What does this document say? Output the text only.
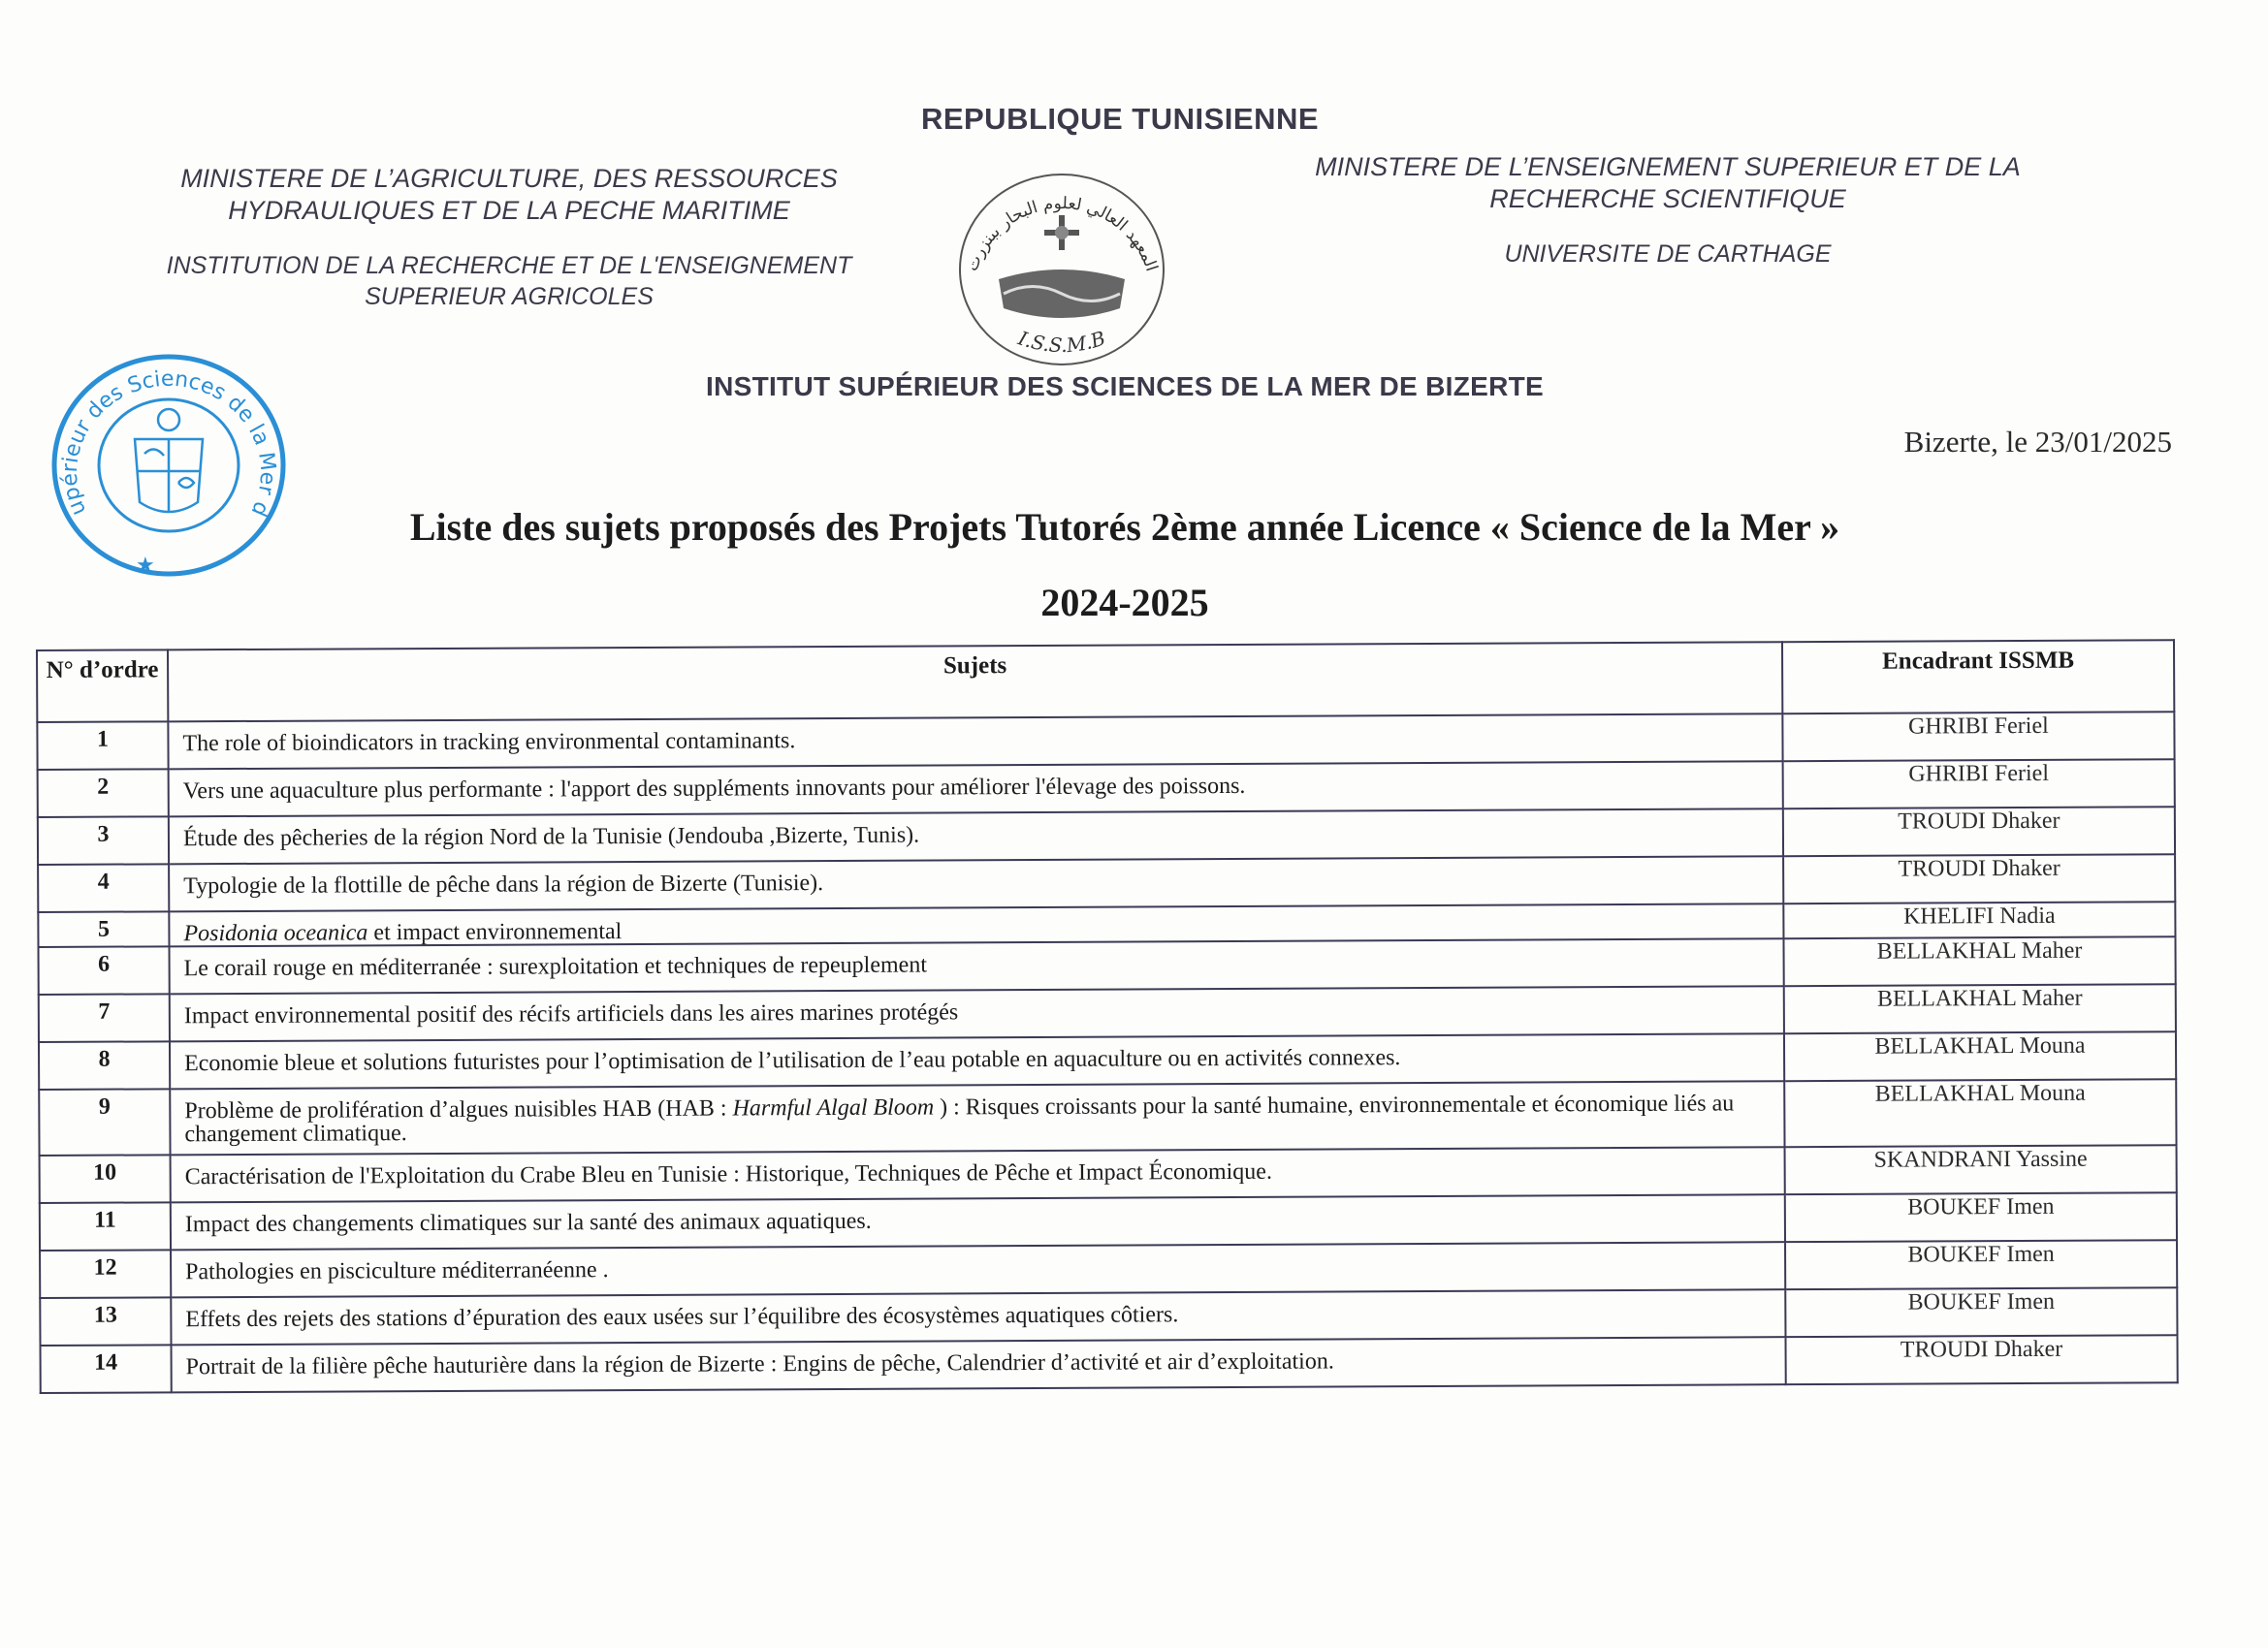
REPUBLIQUE TUNISIENNE
MINISTERE DE L’AGRICULTURE, DES RESSOURCES HYDRAULIQUES ET DE LA PECHE MARITIME
INSTITUTION DE LA RECHERCHE ET DE L'ENSEIGNEMENT SUPERIEUR AGRICOLES
MINISTERE DE L’ENSEIGNEMENT SUPERIEUR ET DE LA RECHERCHE SCIENTIFIQUE
UNIVERSITE DE CARTHAGE
INSTITUT SUPÉRIEUR DES SCIENCES DE LA MER DE BIZERTE
المعهد العالي لعلوم البحار ببنزرت
I.S.S.M.B
upérieur des Sciences de la Mer d
★
Bizerte, le 23/01/2025
Liste des sujets proposés des Projets Tutorés 2ème année Licence « Science de la Mer »
2024-2025
N° d’ordre	Sujets	Encadrant ISSMB
1	The role of bioindicators in tracking environmental contaminants.	GHRIBI Feriel
2	Vers une aquaculture plus performante : l'apport des suppléments innovants pour améliorer l'élevage des poissons.	GHRIBI Feriel
3	Étude des pêcheries de la région Nord de la Tunisie (Jendouba ,Bizerte, Tunis).	TROUDI Dhaker
4	Typologie de la flottille de pêche dans la région de Bizerte (Tunisie).	TROUDI Dhaker
5	Posidonia oceanica et impact environnemental	KHELIFI Nadia
6	Le corail rouge en méditerranée : surexploitation et techniques de repeuplement	BELLAKHAL Maher
7	Impact environnemental positif des récifs artificiels dans les aires marines protégés	BELLAKHAL Maher
8	Economie bleue et solutions futuristes pour l’optimisation de l’utilisation de l’eau potable en aquaculture ou en activités connexes.	BELLAKHAL Mouna
9	Problème de prolifération d’algues nuisibles HAB (HAB : Harmful Algal Bloom ) : Risques croissants pour la santé humaine, environnementale et économique liés au changement climatique.	BELLAKHAL Mouna
10	Caractérisation de l'Exploitation du Crabe Bleu en Tunisie : Historique, Techniques de Pêche et Impact Économique.	SKANDRANI Yassine
11	Impact des changements climatiques sur la santé des animaux aquatiques.	BOUKEF Imen
12	Pathologies en pisciculture méditerranéenne .	BOUKEF Imen
13	Effets des rejets des stations d’épuration des eaux usées sur l’équilibre des écosystèmes aquatiques côtiers.	BOUKEF Imen
14	Portrait de la filière pêche hauturière dans la région de Bizerte : Engins de pêche, Calendrier d’activité et air d’exploitation.	TROUDI Dhaker
